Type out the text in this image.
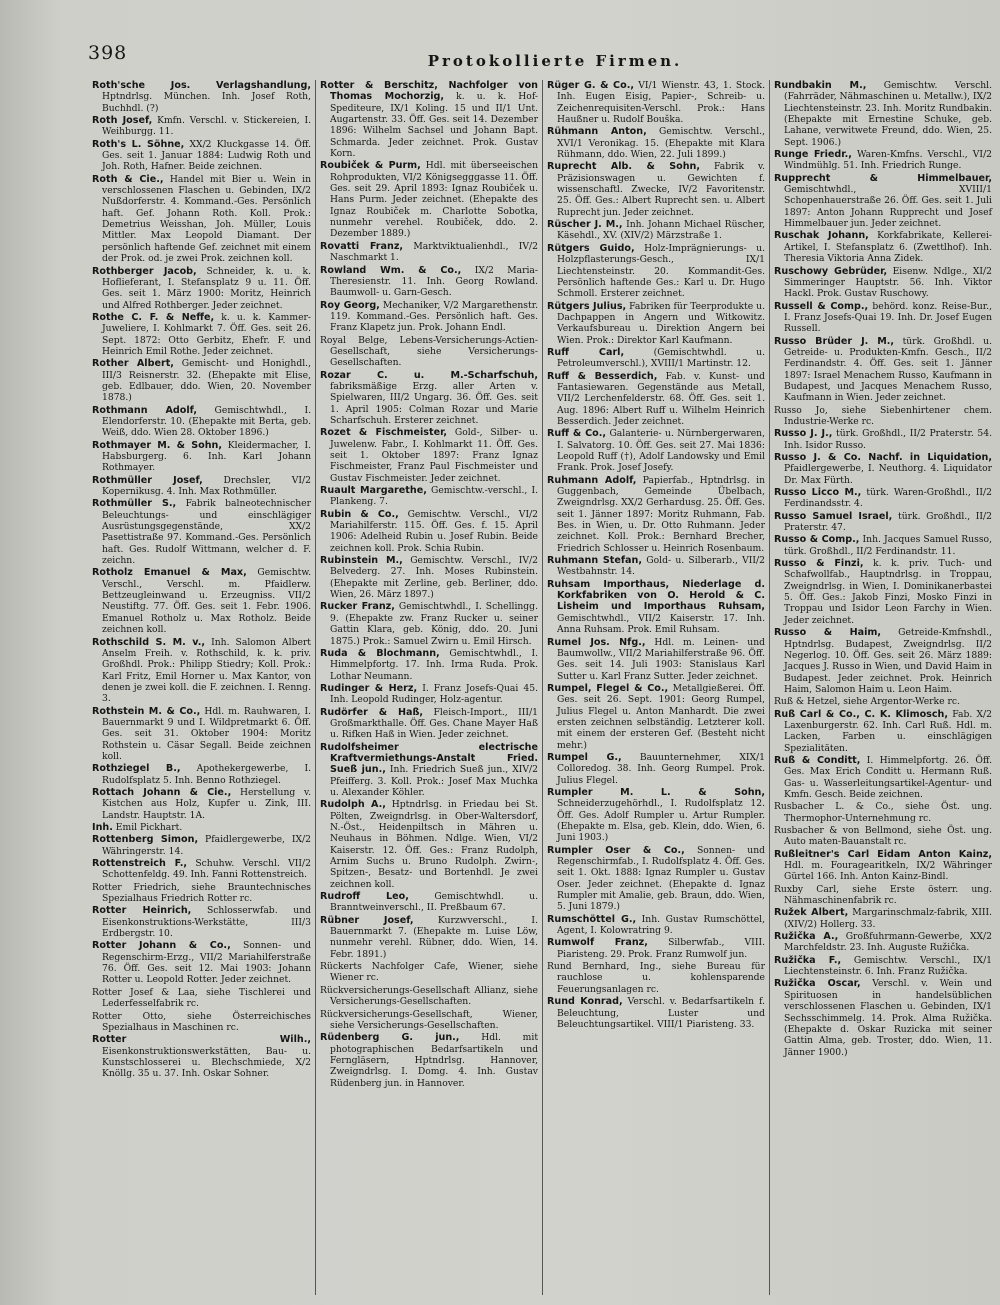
398	Protokollierte Firmen.
Roth'sche Jos. Verlagshandlung, Hptndrlsg. München. Inh. Josef Roth, Buchhdl. (?)
Roth Josef, Kmfn. Verschl. v. Stickereien, I. Weihburgg. 11.
Roth's L. Söhne, XX/2 Kluckgasse 14. Öff. Ges. seit 1. Januar 1884: Ludwig Roth und Joh. Roth, Hafner. Beide zeichnen.
Roth & Cie., Handel mit Bier u. Wein in verschlossenen Flaschen u. Gebinden, IX/2 Nußdorferstr. 4. Kommand.-Ges. Persönlich haft. Gef. Johann Roth. Koll. Prok.: Demetrius Weisshan, Joh. Müller, Louis Mittler. Max Leopold Diamant. Der persönlich haftende Gef. zeichnet mit einem der Prok. od. je zwei Prok. zeichnen koll.
Rothberger Jacob, Schneider, k. u. k. Hoflieferant, I. Stefansplatz 9 u. 11. Öff. Ges. seit 1. März 1900: Moritz, Heinrich und Alfred Rothberger. Jeder zeichnet.
Rothe C. F. & Neffe, k. u. k. Kammer-Juweliere, I. Kohlmarkt 7. Öff. Ges. seit 26. Sept. 1872: Otto Gerbitz, Ehefr. F. und Heinrich Emil Rothe. Jeder zeichnet.
Rother Albert, Gemischt- und Honighdl., III/3 Reisnerstr. 32. (Ehepakte mit Elise, geb. Edlbauer, ddo. Wien, 20. November 1878.)
Rothmann Adolf, Gemischtwhdl., I. Elendorferstr. 10. (Ehepakte mit Berta, geb. Weiß, ddo. Wien 28. Oktober 1896.)
Rothmayer M. & Sohn, Kleidermacher, I. Habsburgerg. 6. Inh. Karl Johann Rothmayer.
Rothmüller Josef, Drechsler, VI/2 Kopernikusg. 4. Inh. Max Rothmüller.
Rothmüller S., Fabrik balneotechnischer Beleuchtungs- und einschlägiger Ausrüstungsgegenstände, XX/2 Pasettistraße 97. Kommand.-Ges. Persönlich haft. Ges. Rudolf Wittmann, welcher d. F. zeichn.
Rotholz Emanuel & Max, Gemischtw. Verschl., Verschl. m. Pfaidlerw. Bettzeugleinwand u. Erzeugniss. VII/2 Neustiftg. 77. Öff. Ges. seit 1. Febr. 1906. Emanuel Rotholz u. Max Rotholz. Beide zeichnen koll.
Rothschild S. M. v., Inh. Salomon Albert Anselm Freih. v. Rothschild, k. k. priv. Großhdl. Prok.: Philipp Stiedry; Koll. Prok.: Karl Fritz, Emil Horner u. Max Kantor, von denen je zwei koll. die F. zeichnen. I. Renng. 3.
Rothstein M. & Co., Hdl. m. Rauhwaren, I. Bauernmarkt 9 und I. Wildpretmarkt 6. Öff. Ges. seit 31. Oktober 1904: Moritz Rothstein u. Cäsar Segall. Beide zeichnen koll.
Rothziegel B., Apothekergewerbe, I. Rudolfsplatz 5. Inh. Benno Rothziegel.
Rottach Johann & Cie., Herstellung v. Kistchen aus Holz, Kupfer u. Zink, III. Landstr. Hauptstr. 1A.
Inh. Emil Pickhart.
Rottenberg Simon, Pfaidlergewerbe, IX/2 Währingerstr. 14.
Rottenstreich F., Schuhw. Verschl. VII/2 Schottenfeldg. 49. Inh. Fanni Rottenstreich.
Rotter Friedrich, siehe Brauntechnisches Spezialhaus Friedrich Rotter rc.
Rotter Heinrich, Schlosserwfab. und Eisenkonstruktions-Werkstätte, III/3 Erdbergstr. 10.
Rotter Johann & Co., Sonnen- und Regenschirm-Erzg., VII/2 Mariahilferstraße 76. Öff. Ges. seit 12. Mai 1903: Johann Rotter u. Leopold Rotter. Jeder zeichnet.
Rotter Josef & Laa, siehe Tischlerei und Lederfesselfabrik rc.
Rotter Otto, siehe Österreichisches Spezialhaus in Maschinen rc.
Rotter Wilh., Eisenkonstruktionswerkstätten, Bau- u. Kunstschlosserei u. Blechschmiede, X/2 Knöllg. 35 u. 37. Inh. Oskar Sohner.
Rotter & Berschitz, Nachfolger von Thomas Mochorzig, k. u. k. Hof-Spediteure, IX/1 Koling. 15 und II/1 Unt. Augartenstr. 33. Öff. Ges. seit 14. Dezember 1896: Wilhelm Sachsel und Johann Bapt. Schmarda. Jeder zeichnet. Prok. Gustav Korn.
Roubiček & Purm, Hdl. mit überseeischen Rohprodukten, VI/2 Königsegggasse 11. Öff. Ges. seit 29. April 1893: Ignaz Roubiček u. Hans Purm. Jeder zeichnet. (Ehepakte des Ignaz Roubiček m. Charlotte Sobotka, nunmehr verehel. Roubiček, ddo. 2. Dezember 1889.)
Rovatti Franz, Marktviktualienhdl., IV/2 Naschmarkt 1.
Rowland Wm. & Co., IX/2 Maria-Theresienstr. 11. Inh. Georg Rowland. Baumwoll- u. Garn-Gesch.
Roy Georg, Mechaniker, V/2 Margarethenstr. 119. Kommand.-Ges. Persönlich haft. Ges. Franz Klapetz jun. Prok. Johann Endl.
Royal Belge, Lebens-Versicherungs-Actien-Gesellschaft, siehe Versicherungs-Gesellschaften.
Rozar C. u. M.-Scharfschuh, fabriksmäßige Erzg. aller Arten v. Spielwaren, III/2 Ungarg. 36. Öff. Ges. seit 1. April 1905: Colman Rozar und Marie Scharfschuh. Ersterer zeichnet.
Rozet & Fischmeister, Gold-, Silber- u. Juwelenw. Fabr., I. Kohlmarkt 11. Öff. Ges. seit 1. Oktober 1897: Franz Ignaz Fischmeister, Franz Paul Fischmeister und Gustav Fischmeister. Jeder zeichnet.
Ruault Margarethe, Gemischtw.-verschl., I. Plankeng. 7.
Rubin & Co., Gemischtw. Verschl., VI/2 Mariahilferstr. 115. Öff. Ges. f. 15. April 1906: Adelheid Rubin u. Josef Rubin. Beide zeichnen koll. Prok. Schia Rubin.
Rubinstein M., Gemischtw. Verschl., IV/2 Belvederg. 27. Inh. Moses Rubinstein. (Ehepakte mit Zerline, geb. Berliner, ddo. Wien, 26. März 1897.)
Rucker Franz, Gemischtwhdl., I. Schellingg. 9. (Ehepakte zw. Franz Rucker u. seiner Gattin Klara, geb. König, ddo. 20. Juni 1875.) Prok.: Samuel Zwirn u. Emil Hirsch.
Ruda & Blochmann, Gemischtwhdl., I. Himmelpfortg. 17. Inh. Irma Ruda. Prok. Lothar Neumann.
Rudinger & Herz, I. Franz Josefs-Quai 45. Inh. Leopold Rudinger, Holz-agentur.
Rudörfer & Haß, Fleisch-Import., III/1 Großmarkthalle. Öff. Ges. Chane Mayer Haß u. Rifken Haß in Wien. Jeder zeichnet.
Rudolfsheimer electrische Kraftvermiethungs-Anstalt Fried. Sueß jun., Inh. Friedrich Sueß jun., XIV/2 Pfeifferg. 3. Koll. Prok.: Josef Max Muchka u. Alexander Köhler.
Rudolph A., Hptndrlsg. in Friedau bei St. Pölten, Zweigndrlsg. in Ober-Waltersdorf, N.-Öst., Heidenpiltsch in Mähren u. Neuhaus in Böhmen. Ndlge. Wien, VI/2 Kaiserstr. 12. Öff. Ges.: Franz Rudolph, Arnim Suchs u. Bruno Rudolph. Zwirn-, Spitzen-, Besatz- und Bortenhdl. Je zwei zeichnen koll.
Rudroff Leo,	Gemischtwhdl. u. Branntweinverschl., II. Preßbaum 67.
Rübner Josef,	Kurzwverschl., I. Bauernmarkt 7. (Ehepakte m. Luise Löw, nunmehr verehl. Rübner, ddo. Wien, 14. Febr. 1891.)
Rückerts Nachfolger Cafe, Wiener, siehe Wiener rc.
Rückversicherungs-Gesellschaft Allianz, siehe Versicherungs-Gesellschaften.
Rückversicherungs-Gesellschaft, Wiener, siehe Versicherungs-Gesellschaften.
Rüdenberg G. jun., Hdl. mit photographischen Bedarfsartikeln und Ferngläsern, Hptndrlsg. Hannover, Zweigndrlsg. I. Domg. 4. Inh. Gustav Rüdenberg jun. in Hannover.
Rüger G. & Co., VI/1 Wienstr. 43, 1. Stock. Inh. Eugen Eisig, Papier-, Schreib- u. Zeichenrequisiten-Verschl. Prok.: Hans Haußner u. Rudolf Bouška.
Rühmann Anton, Gemischtw. Verschl., XVI/1 Veronikag. 15. (Ehepakte mit Klara Rühmann, ddo. Wien, 22. Juli 1899.)
Ruprecht Alb. & Sohn, Fabrik v. Präzisionswagen u. Gewichten f. wissenschaftl. Zwecke, IV/2 Favoritenstr. 25. Öff. Ges.: Albert Ruprecht sen. u. Albert Ruprecht jun. Jeder zeichnet.
Rüscher J. M., Inh. Johann Michael Rüscher, Käsehdl., XV. (XIV/2) Märzstraße 1.
Rütgers Guido, Holz-Imprägnierungs- u. Holzpflasterungs-Gesch., IX/1 Liechtensteinstr. 20. Kommandit-Ges. Persönlich haftende Ges.: Karl u. Dr. Hugo Schmoll. Ersterer zeichnet.
Rütgers Julius, Fabriken für Teerprodukte u. Dachpappen in Angern und Witkowitz. Verkaufsbureau u. Direktion Angern bei Wien. Prok.: Direktor Karl Kaufmann.
Ruff Carl,	(Gemischtwhdl. u. Petroleumverschl.), XVIII/1 Martinstr. 12.
Ruff & Besserdich, Fab. v. Kunst- und Fantasiewaren. Gegenstände aus Metall, VII/2 Lerchenfelderstr. 68. Öff. Ges. seit 1. Aug. 1896: Albert Ruff u. Wilhelm Heinrich Besserdich. Jeder zeichnet.
Ruff & Co., Galanterie- u. Nürnbergerwaren, I. Salvatorg. 10. Öff. Ges. seit 27. Mai 1836: Leopold Ruff (†), Adolf Landowsky und Emil Frank. Prok. Josef Josefy.
Ruhmann Adolf, Papierfab., Hptndrlsg. in Guggenbach, Gemeinde Übelbach, Zweigndrlsg. XX/2 Gerhardusg. 25. Öff. Ges. seit 1. Jänner 1897: Moritz Ruhmann, Fab. Bes. in Wien, u. Dr. Otto Ruhmann. Jeder zeichnet. Koll. Prok.: Bernhard Brecher, Friedrich Schlosser u. Heinrich Rosenbaum.
Ruhmann Stefan, Gold- u. Silberarb., VII/2 Westbahnstr. 14.
Ruhsam Importhaus, Niederlage d. Korkfabriken von O. Herold & C. Lisheim und Importhaus Ruhsam, Gemischtwhdl., VII/2 Kaiserstr. 17. Inh. Anna Ruhsam. Prok. Emil Ruhsam.
Rumel Jos. Nfg., Hdl. m. Leinen- und Baumwollw., VII/2 Mariahilferstraße 96. Öff. Ges. seit 14. Juli 1903: Stanislaus Karl Sutter u. Karl Franz Sutter. Jeder zeichnet.
Rumpel, Flegel & Co., Metallgießerei. Öff. Ges. seit 26. Sept. 1901: Georg Rumpel, Julius Flegel u. Anton Manhardt. Die zwei ersten zeichnen selbständig. Letzterer koll. mit einem der ersteren Gef. (Besteht nicht mehr.)
Rumpel G., Bauunternehmer, XIX/1 Colloredog. 38. Inh. Georg Rumpel. Prok. Julius Flegel.
Rumpler M. L. & Sohn, Schneiderzugehörhdl., I. Rudolfsplatz 12. Öff. Ges. Adolf Rumpler u. Artur Rumpler. (Ehepakte m. Elsa, geb. Klein, ddo. Wien, 6. Juni 1903.)
Rumpler Oser & Co., Sonnen- und Regenschirmfab., I. Rudolfsplatz 4. Öff. Ges. seit 1. Okt. 1888: Ignaz Rumpler u. Gustav Oser. Jeder zeichnet. (Ehepakte d. Ignaz Rumpler mit Amalie, geb. Braun, ddo. Wien, 5. Juni 1879.)
Rumschöttel G., Inh. Gustav Rumschöttel, Agent, I. Kolowratring 9.
Rumwolf Franz, Silberwfab., VIII. Piaristeng. 29. Prok. Franz Rumwolf jun.
Rund Bernhard, Ing., siehe Bureau für rauchlose u. kohlensparende Feuerungsanlagen rc.
Rund Konrad, Verschl. v. Bedarfsartikeln f. Beleuchtung, Luster und Beleuchtungsartikel. VIII/1 Piaristeng. 33.
Rundbakin M., Gemischtw. Verschl. (Fahrräder, Nähmaschinen u. Metallw.), IX/2 Liechtensteinstr. 23. Inh. Moritz Rundbakin. (Ehepakte mit Ernestine Schuke, geb. Lahane, verwitwete Freund, ddo. Wien, 25. Sept. 1906.)
Runge Friedr., Waren-Kmfns. Verschl., VI/2 Windmühlg. 51. Inh. Friedrich Runge.
Rupprecht & Himmelbauer, Gemischtwhdl., XVIII/1 Schopenhauerstraße 26. Öff. Ges. seit 1. Juli 1897: Anton Johann Rupprecht und Josef Himmelbauer jun. Jeder zeichnet.
Ruschak Johann, Korkfabrikate, Kellerei-Artikel, I. Stefansplatz 6. (Zwettlhof). Inh. Theresia Viktoria Anna Zidek.
Ruschowy Gebrüder, Eisenw. Ndlge., XI/2 Simmeringer Hauptstr. 56. Inh. Viktor Hackl. Prok. Gustav Ruschowy.
Russell & Comp., behörd. konz. Reise-Bur., I. Franz Josefs-Quai 19. Inh. Dr. Josef Eugen Russell.
Russo Brüder J. M., türk. Großhdl. u. Getreide- u. Produkten-Kmfn. Gesch., II/2 Ferdinandstr. 4. Öff. Ges. seit 1. Jänner 1897: Israel Menachem Russo, Kaufmann in Budapest, und Jacques Menachem Russo, Kaufmann in Wien. Jeder zeichnet.
Russo Jo, siehe Siebenhirtener chem. Industrie-Werke rc.
Russo J. J., türk. Großhdl., II/2 Praterstr. 54. Inh. Isidor Russo.
Russo J. & Co. Nachf. in Liquidation, Pfaidlergewerbe, I. Neuthorg. 4. Liquidator Dr. Max Fürth.
Russo Licco M., türk. Waren-Großhdl., II/2 Ferdinandsstr. 4.
Russo Samuel Israel, türk. Großhdl., II/2 Praterstr. 47.
Russo & Comp., Inh. Jacques Samuel Russo, türk. Großhdl., II/2 Ferdinandstr. 11.
Russo & Finzi, k. k. priv. Tuch- und Schafwollfab., Hauptndrlsg. in Troppau, Zweigndrlsg. in Wien, I. Dominikanerbastei 5. Öff. Ges.: Jakob Finzi, Mosko Finzi in Troppau und Isidor Leon Farchy in Wien. Jeder zeichnet.
Russo & Haim, Getreide-Kmfnshdl., Hptndrlsg. Budapest, Zweigndrlsg. II/2 Negerlog. 10. Öff. Ges. seit 26. März 1889: Jacques J. Russo in Wien, und David Haim in Budapest. Jeder zeichnet. Prok. Heinrich Haim, Salomon Haim u. Leon Haim.
Ruß & Hetzel, siehe Argentor-Werke rc.
Ruß Carl & Co., C. K. Klimosch, Fab. X/2 Laxenburgerstr. 62. Inh. Carl Ruß. Hdl. m. Lacken, Farben u. einschlägigen Spezialitäten.
Ruß & Conditt, I. Himmelpfortg. 26. Öff. Ges. Max Erich Conditt u. Hermann Ruß. Gas- u. Wasserleitungsartikel-Agentur- und Kmfn. Gesch. Beide zeichnen.
Rusbacher L. & Co., siehe Öst. ung. Thermophor-Unternehmung rc.
Rusbacher & von Bellmond, siehe Öst. ung. Auto maten-Bauanstalt rc.
Rußleitner's Carl Eidam Anton Kainz, Hdl. m. Fouragearitkeln, IX/2 Währinger Gürtel 166. Inh. Anton Kainz-Bindl.
Ruxby Carl, siehe Erste österr. ung. Nähmaschinenfabrik rc.
Ružek Albert, Margarinschmalz-fabrik, XIII. (XIV/2) Hollerg. 33.
Ružička A., Großfuhrmann-Gewerbe, XX/2 Marchfeldstr. 23. Inh. Auguste Ružička.
Ružička F., Gemischtw. Verschl., IX/1 Liechtensteinstr. 6. Inh. Franz Ružička.
Ružička Oscar, Verschl. v. Wein und Spirituosen in handelsüblichen verschlossenen Flaschen u. Gebinden, IX/1 Sechsschimmelg. 14. Prok. Alma Ružička. (Ehepakte d. Oskar Ruzicka mit seiner Gattin Alma, geb. Troster, ddo. Wien, 11. Jänner 1900.)
